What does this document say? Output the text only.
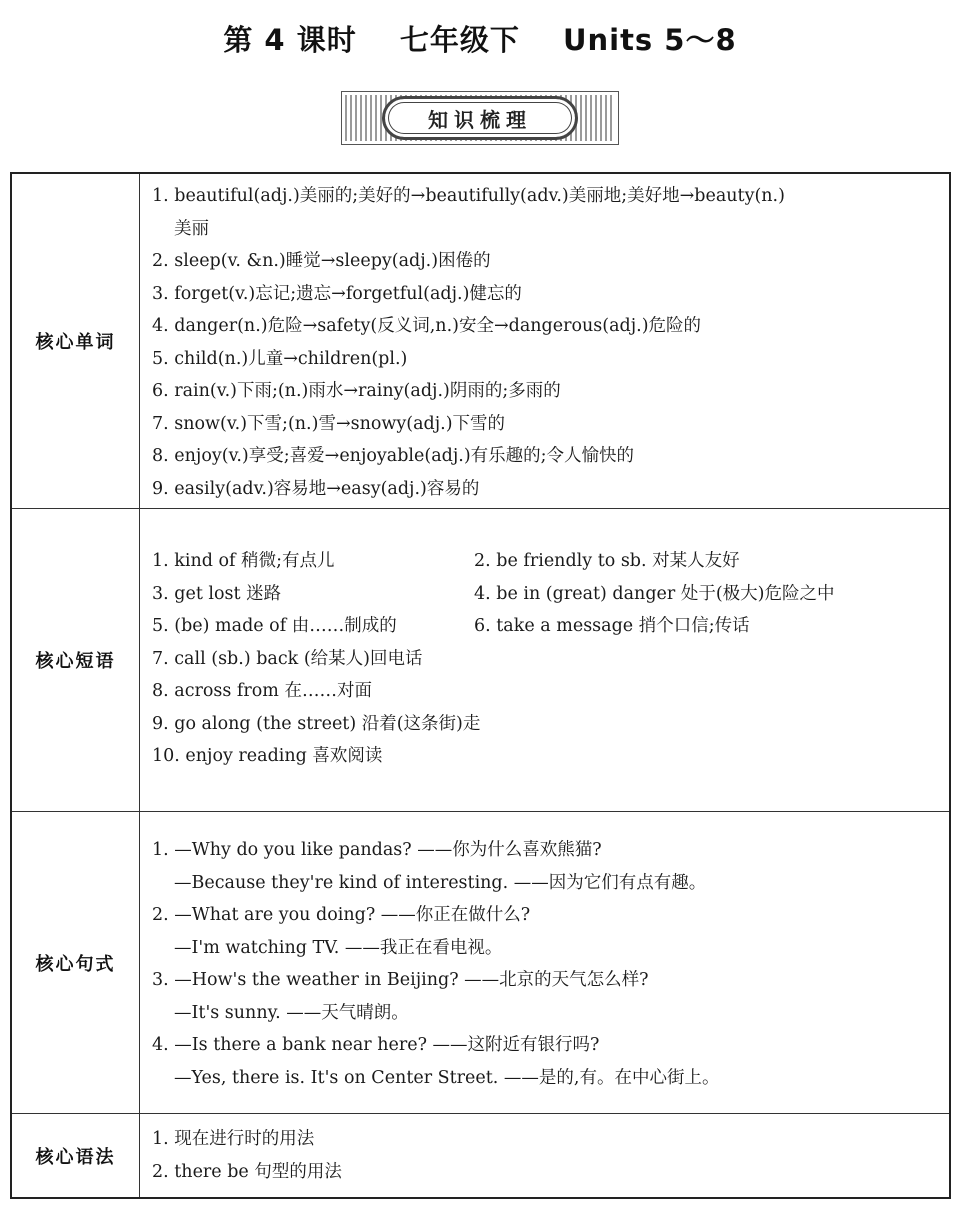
第 4 课时 七年级下 Units 5～8
知识梳理
核心单词
1. beautiful(adj.)美丽的;美好的→beautifully(adv.)美丽地;美好地→beauty(n.)
美丽
2. sleep(v. &n.)睡觉→sleepy(adj.)困倦的
3. forget(v.)忘记;遗忘→forgetful(adj.)健忘的
4. danger(n.)危险→safety(反义词,n.)安全→dangerous(adj.)危险的
5. child(n.)儿童→children(pl.)
6. rain(v.)下雨;(n.)雨水→rainy(adj.)阴雨的;多雨的
7. snow(v.)下雪;(n.)雪→snowy(adj.)下雪的
8. enjoy(v.)享受;喜爱→enjoyable(adj.)有乐趣的;令人愉快的
9. easily(adv.)容易地→easy(adj.)容易的
核心短语
1. kind of 稍微;有点儿	2. be friendly to sb. 对某人友好
3. get lost 迷路	4. be in (great) danger 处于(极大)危险之中
5. (be) made of 由……制成的	6. take a message 捎个口信;传话
7. call (sb.) back (给某人)回电话
8. across from 在……对面
9. go along (the street) 沿着(这条街)走
10. enjoy reading 喜欢阅读
核心句式
1. —Why do you like pandas? ——你为什么喜欢熊猫?
—Because they're kind of interesting. ——因为它们有点有趣。
2. —What are you doing? ——你正在做什么?
—I'm watching TV. ——我正在看电视。
3. —How's the weather in Beijing? ——北京的天气怎么样?
—It's sunny. ——天气晴朗。
4. —Is there a bank near here? ——这附近有银行吗?
—Yes, there is. It's on Center Street. ——是的,有。在中心街上。
核心语法
1. 现在进行时的用法
2. there be 句型的用法
